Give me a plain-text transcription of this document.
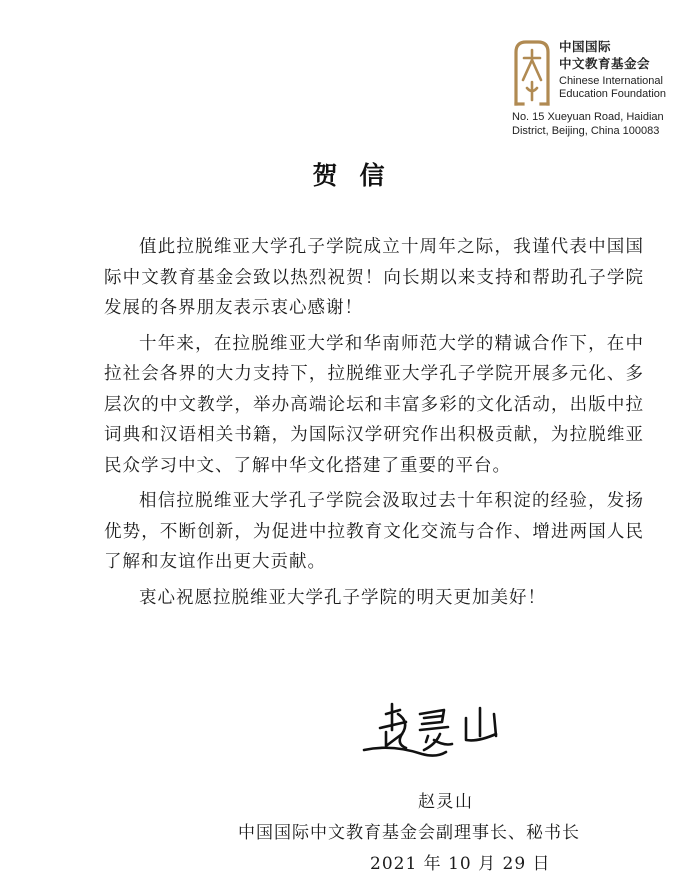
中国国际
中文教育基金会
Chinese International
Education Foundation
No. 15 Xueyuan Road, Haidian
District, Beijing, China 100083
贺信

值此拉脱维亚大学孔子学院成立十周年之际，我谨代表中国国际中文教育基金会致以热烈祝贺！向长期以来支持和帮助孔子学院发展的各界朋友表示衷心感谢！

十年来，在拉脱维亚大学和华南师范大学的精诚合作下，在中拉社会各界的大力支持下，拉脱维亚大学孔子学院开展多元化、多层次的中文教学，举办高端论坛和丰富多彩的文化活动，出版中拉词典和汉语相关书籍，为国际汉学研究作出积极贡献，为拉脱维亚民众学习中文、了解中华文化搭建了重要的平台。

相信拉脱维亚大学孔子学院会汲取过去十年积淀的经验，发扬优势，不断创新，为促进中拉教育文化交流与合作、增进两国人民了解和友谊作出更大贡献。

衷心祝愿拉脱维亚大学孔子学院的明天更加美好！

赵灵山
中国国际中文教育基金会副理事长、秘书长
2021 年 10 月 29 日
